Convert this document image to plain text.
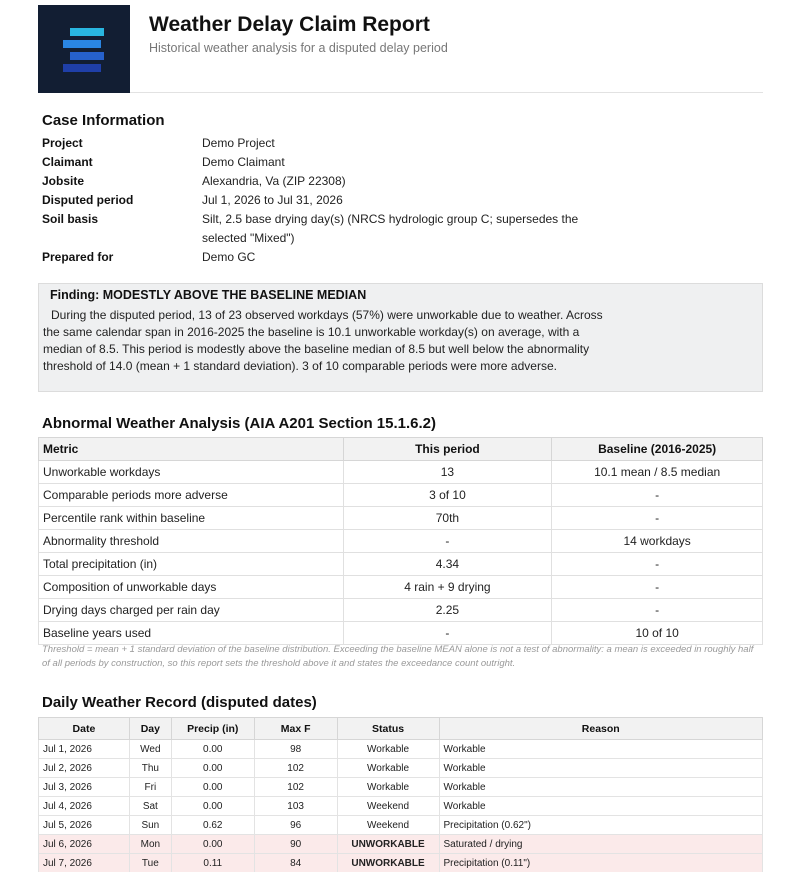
Weather Delay Claim Report
Historical weather analysis for a disputed delay period
Case Information
Project	Demo Project
Claimant	Demo Claimant
Jobsite	Alexandria, Va (ZIP 22308)
Disputed period	Jul 1, 2026 to Jul 31, 2026
Soil basis	Silt, 2.5 base drying day(s) (NRCS hydrologic group C; supersedes the selected "Mixed")
Prepared for	Demo GC
Finding: MODESTLY ABOVE THE BASELINE MEDIAN
During the disputed period, 13 of 23 observed workdays (57%) were unworkable due to weather. Across the same calendar span in 2016-2025 the baseline is 10.1 unworkable workday(s) on average, with a median of 8.5. This period is modestly above the baseline median of 8.5 but well below the abnormality threshold of 14.0 (mean + 1 standard deviation). 3 of 10 comparable periods were more adverse.
Abnormal Weather Analysis (AIA A201 Section 15.1.6.2)
Metric	This period	Baseline (2016-2025)
Unworkable workdays	13	10.1 mean / 8.5 median
Comparable periods more adverse	3 of 10	-
Percentile rank within baseline	70th	-
Abnormality threshold	-	14 workdays
Total precipitation (in)	4.34	-
Composition of unworkable days	4 rain + 9 drying	-
Drying days charged per rain day	2.25	-
Baseline years used	-	10 of 10
Threshold = mean + 1 standard deviation of the baseline distribution. Exceeding the baseline MEAN alone is not a test of abnormality: a mean is exceeded in roughly half of all periods by construction, so this report sets the threshold above it and states the exceedance count outright.
Daily Weather Record (disputed dates)
Date	Day	Precip (in)	Max F	Status	Reason
Jul 1, 2026	Wed	0.00	98	Workable	Workable
Jul 2, 2026	Thu	0.00	102	Workable	Workable
Jul 3, 2026	Fri	0.00	102	Workable	Workable
Jul 4, 2026	Sat	0.00	103	Weekend	Workable
Jul 5, 2026	Sun	0.62	96	Weekend	Precipitation (0.62")
Jul 6, 2026	Mon	0.00	90	UNWORKABLE	Saturated / drying
Jul 7, 2026	Tue	0.11	84	UNWORKABLE	Precipitation (0.11")
